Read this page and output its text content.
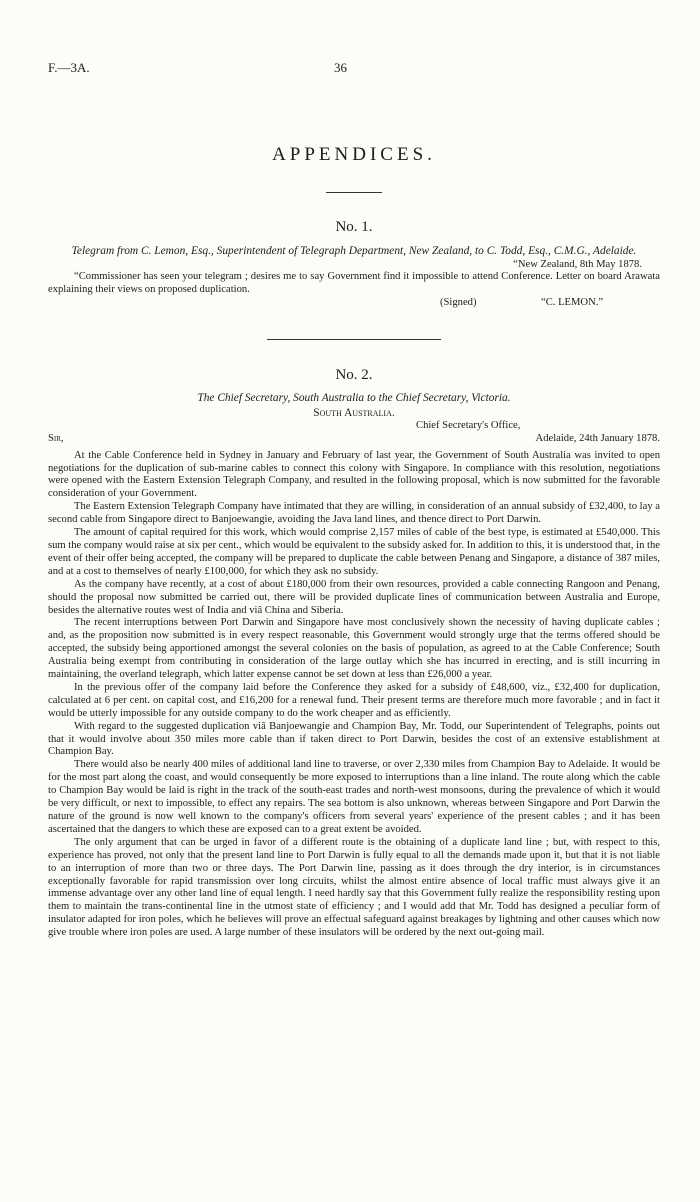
F.—3A.	36
APPENDICES.
No. 1.

Telegram from C. Lemon, Esq., Superintendent of Telegraph Department, New Zealand, to C. Todd, Esq., C.M.G., Adelaide.

“New Zealand, 8th May 1878.

“Commissioner has seen your telegram ; desires me to say Government find it impossible to attend Conference. Letter on board Arawata explaining their views on proposed duplication.

(Signed)	“C. LEMON.”
No. 2.

The Chief Secretary, South Australia to the Chief Secretary, Victoria.

South Australia.
Chief Secretary's Office,
Sir,	Adelaide, 24th January 1878.

At the Cable Conference held in Sydney in January and February of last year, the Government of South Australia was invited to open negotiations for the duplication of sub-marine cables to connect this colony with Singapore. In compliance with this resolution, negotiations were opened with the Eastern Extension Telegraph Company, and resulted in the following proposal, which is now submitted for the favorable consideration of your Government.

The Eastern Extension Telegraph Company have intimated that they are willing, in consideration of an annual subsidy of £32,400, to lay a second cable from Singapore direct to Banjoewangie, avoiding the Java land lines, and thence direct to Port Darwin.

The amount of capital required for this work, which would comprise 2,157 miles of cable of the best type, is estimated at £540,000. This sum the company would raise at six per cent., which would be equivalent to the subsidy asked for. In addition to this, it is understood that, in the event of their offer being accepted, the company will be prepared to duplicate the cable between Penang and Singapore, a distance of 387 miles, and at a cost to themselves of nearly £100,000, for which they ask no subsidy.

As the company have recently, at a cost of about £180,000 from their own resources, provided a cable connecting Rangoon and Penang, should the proposal now submitted be carried out, there will be provided duplicate lines of communication between Australia and Europe, besides the alternative routes west of India and viâ China and Siberia.

The recent interruptions between Port Darwin and Singapore have most conclusively shown the necessity of having duplicate cables ; and, as the proposition now submitted is in every respect reasonable, this Government would strongly urge that the terms offered should be accepted, the subsidy being apportioned amongst the several colonies on the basis of population, as agreed to at the Cable Conference; South Australia being exempt from contributing in consideration of the large outlay which she has incurred in erecting, and is still incurring in maintaining, the overland telegraph, which latter expense cannot be set down at less than £26,000 a year.

In the previous offer of the company laid before the Conference they asked for a subsidy of £48,600, viz., £32,400 for duplication, calculated at 6 per cent. on capital cost, and £16,200 for a renewal fund. Their present terms are therefore much more favorable ; and in fact it would be utterly impossible for any outside company to do the work cheaper and as efficiently.

With regard to the suggested duplication viâ Banjoewangie and Champion Bay, Mr. Todd, our Superintendent of Telegraphs, points out that it would involve about 350 miles more cable than if taken direct to Port Darwin, besides the cost of an extensive establishment at Champion Bay.

There would also be nearly 400 miles of additional land line to traverse, or over 2,330 miles from Champion Bay to Adelaide. It would be for the most part along the coast, and would consequently be more exposed to interruptions than a line inland. The route along which the cable to Champion Bay would be laid is right in the track of the south-east trades and north-west monsoons, during the prevalence of which it would be very difficult, or next to impossible, to effect any repairs. The sea bottom is also unknown, whereas between Singapore and Port Darwin the nature of the ground is now well known to the company's officers from several years' experience of the present cables ; and it has been ascertained that the dangers to which these are exposed can to a great extent be avoided.

The only argument that can be urged in favor of a different route is the obtaining of a duplicate land line ; but, with respect to this, experience has proved, not only that the present land line to Port Darwin is fully equal to all the demands made upon it, but that it is not liable to an interruption of more than two or three days. The Port Darwin line, passing as it does through the dry interior, is in circumstances exceptionally favorable for rapid transmission over long circuits, whilst the almost entire absence of local traffic must always give it an immense advantage over any other land line of equal length. I need hardly say that this Government fully realize the responsibility resting upon them to maintain the trans-continental line in the utmost state of efficiency ; and I would add that Mr. Todd has designed a peculiar form of insulator adapted for iron poles, which he believes will prove an effectual safeguard against breakages by lightning and other causes which now give trouble where iron poles are used. A large number of these insulators will be ordered by the next out-going mail.
